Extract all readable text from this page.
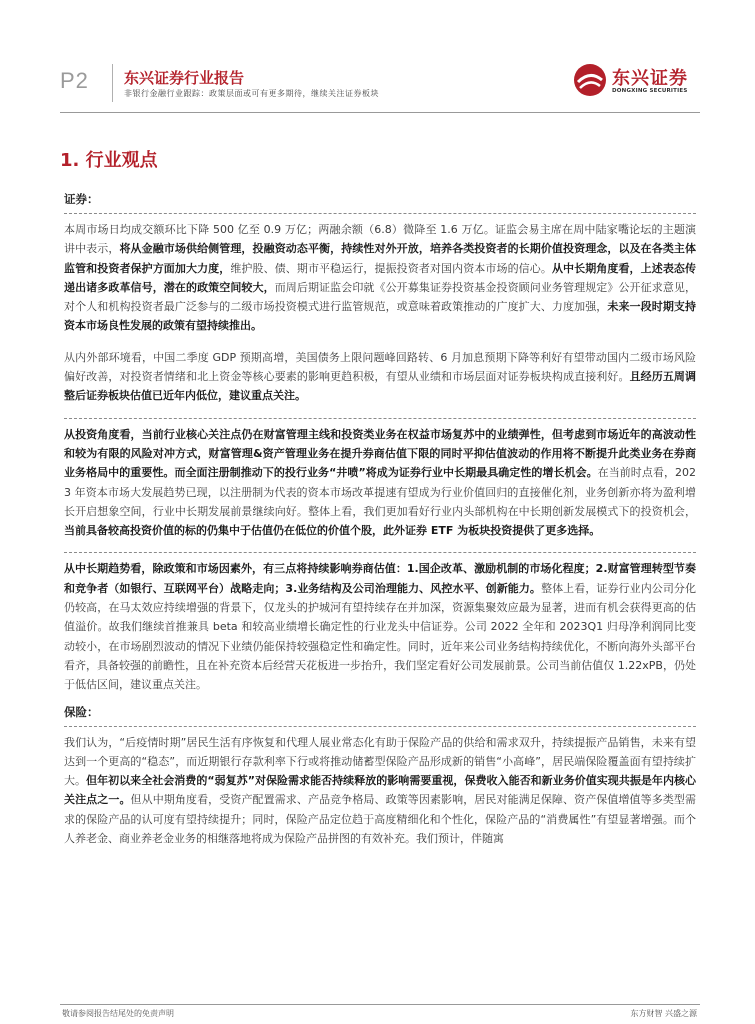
P2 东兴证券行业报告
非银行金融行业跟踪：政策层面或可有更多期待，继续关注证券板块
东兴证券
DONGXING SECURITIES
1. 行业观点
证券：

本周市场日均成交额环比下降 500 亿至 0.9 万亿；两融余额（6.8）微降至 1.6 万亿。证监会易主席在周中陆家嘴论坛的主题演讲中表示，将从金融市场供给侧管理，投融资动态平衡，持续性对外开放，培养各类投资者的长期价值投资理念，以及在各类主体监管和投资者保护方面加大力度，维护股、债、期市平稳运行，提振投资者对国内资本市场的信心。从中长期角度看，上述表态传递出诸多政革信号，潜在的政策空间较大，而周后期证监会印就《公开募集证券投资基金投资顾问业务管理规定》公开征求意见，对个人和机构投资者最广泛参与的二级市场投资模式进行监管规范，或意味着政策推动的广度扩大、力度加强，未来一段时期支持资本市场良性发展的政策有望持续推出。

从内外部环境看，中国二季度 GDP 预期高增，美国债务上限问题峰回路转、6 月加息预期下降等利好有望带动国内二级市场风险偏好改善，对投资者情绪和北上资金等核心要素的影响更趋积极，有望从业绩和市场层面对证券板块构成直接利好。且经历五周调整后证券板块估值已近年内低位，建议重点关注。

从投资角度看，当前行业核心关注点仍在财富管理主线和投资类业务在权益市场复苏中的业绩弹性，但考虑到市场近年的高波动性和较为有限的风险对冲方式，财富管理&资产管理业务在提升券商估值下限的同时平抑估值波动的作用将不断提升此类业务在券商业务格局中的重要性。而全面注册制推动下的投行业务“井喷”将成为证券行业中长期最具确定性的增长机会。在当前时点看，2023 年资本市场大发展趋势已现，以注册制为代表的资本市场改革提速有望成为行业价值回归的直接催化剂，业务创新亦将为盈利增长开启想象空间，行业中长期发展前景继续向好。整体上看，我们更加看好行业内头部机构在中长期创新发展模式下的投资机会，当前具备较高投资价值的标的仍集中于估值仍在低位的价值个股，此外证券 ETF 为板块投资提供了更多选择。

从中长期趋势看，除政策和市场因素外，有三点将持续影响券商估值：1.国企改革、激励机制的市场化程度；2.财富管理转型节奏和竞争者（如银行、互联网平台）战略走向；3.业务结构及公司治理能力、风控水平、创新能力。整体上看，证券行业内公司分化仍较高，在马太效应持续增强的背景下，仅龙头的护城河有望持续存在并加深，资源集聚效应最为显著，进而有机会获得更高的估值溢价。故我们继续首推兼具 beta 和较高业绩增长确定性的行业龙头中信证券。公司 2022 全年和 2023Q1 归母净利润同比变动较小，在市场剧烈波动的情况下业绩仍能保持较强稳定性和确定性。同时，近年来公司业务结构持续优化，不断向海外头部平台看齐，具备较强的前瞻性，且在补充资本后经营天花板进一步抬升，我们坚定看好公司发展前景。公司当前估值仅 1.22xPB，仍处于低估区间，建议重点关注。

保险：

我们认为，“后疫情时期”居民生活有序恢复和代理人展业常态化有助于保险产品的供给和需求双升，持续提振产品销售，未来有望达到一个更高的“稳态”，而近期银行存款利率下行或将推动储蓄型保险产品形成新的销售“小高峰”，居民端保险覆盖面有望持续扩大。但年初以来全社会消费的“弱复苏”对保险需求能否持续释放的影响需要重视，保费收入能否和新业务价值实现共振是年内核心关注点之一。但从中期角度看，受资产配置需求、产品竞争格局、政策等因素影响，居民对能满足保障、资产保值增值等多类型需求的保险产品的认可度有望持续提升；同时，保险产品定位趋于高度精细化和个性化，保险产品的“消费属性”有望显著增强。而个人养老金、商业养老金业务的相继落地将成为保险产品拼图的有效补充。我们预计，伴随寓

敬请参阅报告结尾处的免责声明	东方财智 兴盛之源
